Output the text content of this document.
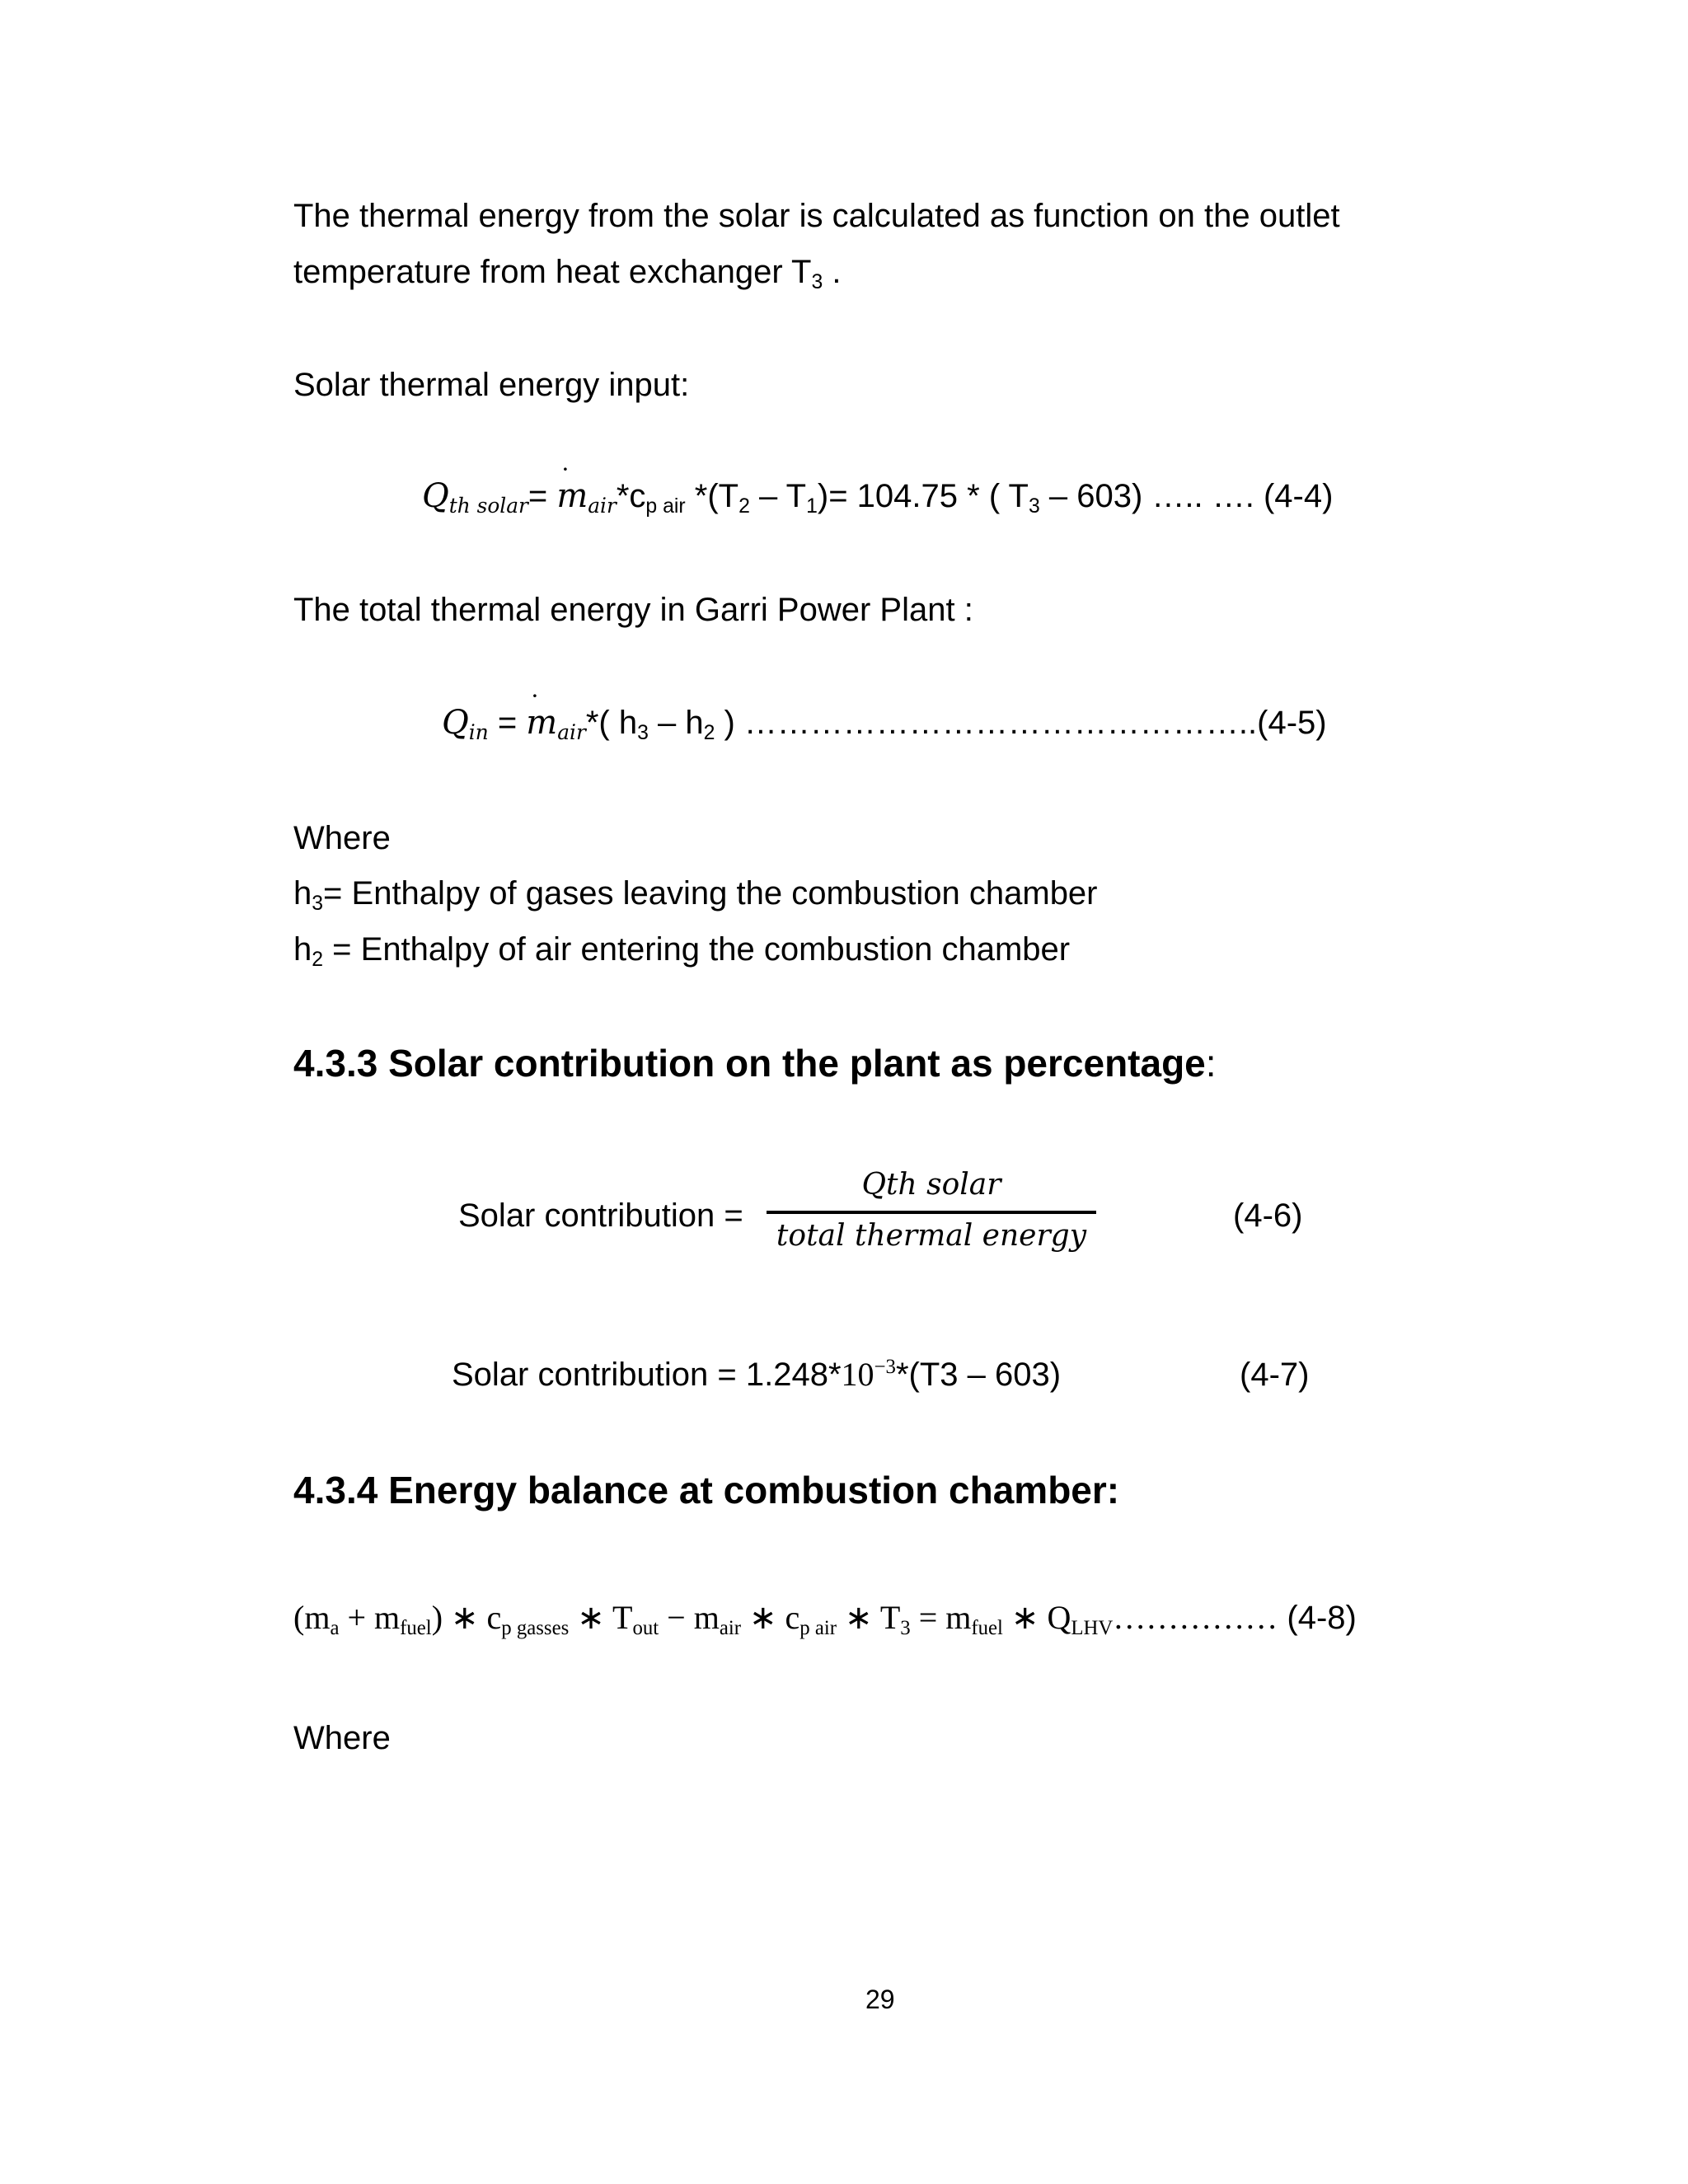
The thermal energy from the solar is calculated as function on the outlet
temperature from heat exchanger $T_3$ .
Solar thermal energy input:
$Q_{th solar}= m$ $˙_{air}*c_{p air}$ $*(T_2 - T_1)= 104.75$ * ( $T_3 - 603$) ….. …. (4-4)
The total thermal energy in Garri Power Plant :
$Q_{in} = m$ $˙_{air}*$( $h_3 - h_2$ ) ………………………………………..(4-5)
Where
$h_3=$ Enthalpy of gases leaving the combustion chamber
$h_2$ = Enthalpy of air entering the combustion chamber
4.3.3 Solar contribution on the plant as percentage:
Solar contribution =
Qth solar
total thermal energy
(4-6)
Solar contribution = $1.248*10^{-3}*(T3 - 603)$	(4-7)
4.3.4 Energy balance at combustion chamber:
$(m_a + m_{fuel})$ ∗ $c_{p gasses}$ ∗ $T_{out} - m_{air}$ ∗ $c_{p air}$ ∗ $T_3 = m_{fuel}$ ∗ $Q_{LHV}\dots\dots\dots\dots\dots$ (4-8)
Where
29
